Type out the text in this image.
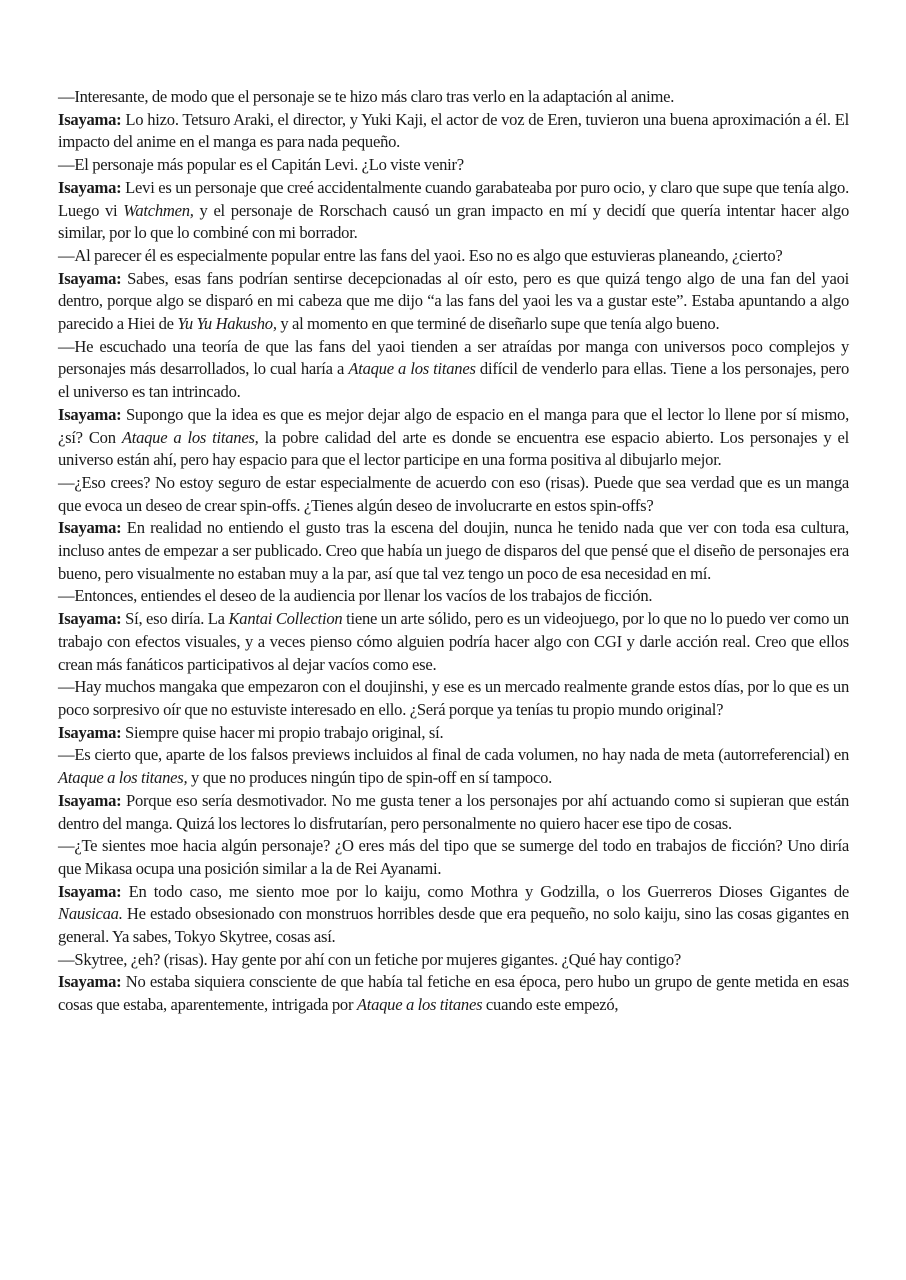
—Interesante, de modo que el personaje se te hizo más claro tras verlo en la adaptación al anime.

Isayama: Lo hizo. Tetsuro Araki, el director, y Yuki Kaji, el actor de voz de Eren, tuvieron una buena aproximación a él. El impacto del anime en el manga es para nada pequeño.

—El personaje más popular es el Capitán Levi. ¿Lo viste venir?

Isayama: Levi es un personaje que creé accidentalmente cuando garabateaba por puro ocio, y claro que supe que tenía algo. Luego vi Watchmen, y el personaje de Rorschach causó un gran impacto en mí y decidí que quería intentar hacer algo similar, por lo que lo combiné con mi borrador.

—Al parecer él es especialmente popular entre las fans del yaoi. Eso no es algo que estuvieras planeando, ¿cierto?

Isayama: Sabes, esas fans podrían sentirse decepcionadas al oír esto, pero es que quizá tengo algo de una fan del yaoi dentro, porque algo se disparó en mi cabeza que me dijo “a las fans del yaoi les va a gustar este”. Estaba apuntando a algo parecido a Hiei de Yu Yu Hakusho, y al momento en que terminé de diseñarlo supe que tenía algo bueno.

—He escuchado una teoría de que las fans del yaoi tienden a ser atraídas por manga con universos poco complejos y personajes más desarrollados, lo cual haría a Ataque a los titanes difícil de venderlo para ellas. Tiene a los personajes, pero el universo es tan intrincado.

Isayama: Supongo que la idea es que es mejor dejar algo de espacio en el manga para que el lector lo llene por sí mismo, ¿sí? Con Ataque a los titanes, la pobre calidad del arte es donde se encuentra ese espacio abierto. Los personajes y el universo están ahí, pero hay espacio para que el lector participe en una forma positiva al dibujarlo mejor.

—¿Eso crees? No estoy seguro de estar especialmente de acuerdo con eso (risas). Puede que sea verdad que es un manga que evoca un deseo de crear spin-offs. ¿Tienes algún deseo de involucrarte en estos spin-offs?

Isayama: En realidad no entiendo el gusto tras la escena del doujin, nunca he tenido nada que ver con toda esa cultura, incluso antes de empezar a ser publicado. Creo que había un juego de disparos del que pensé que el diseño de personajes era bueno, pero visualmente no estaban muy a la par, así que tal vez tengo un poco de esa necesidad en mí.

—Entonces, entiendes el deseo de la audiencia por llenar los vacíos de los trabajos de ficción.

Isayama: Sí, eso diría. La Kantai Collection tiene un arte sólido, pero es un videojuego, por lo que no lo puedo ver como un trabajo con efectos visuales, y a veces pienso cómo alguien podría hacer algo con CGI y darle acción real. Creo que ellos crean más fanáticos participativos al dejar vacíos como ese.

—Hay muchos mangaka que empezaron con el doujinshi, y ese es un mercado realmente grande estos días, por lo que es un poco sorpresivo oír que no estuviste interesado en ello. ¿Será porque ya tenías tu propio mundo original?

Isayama: Siempre quise hacer mi propio trabajo original, sí.

—Es cierto que, aparte de los falsos previews incluidos al final de cada volumen, no hay nada de meta (autorreferencial) en Ataque a los titanes, y que no produces ningún tipo de spin-off en sí tampoco.

Isayama: Porque eso sería desmotivador. No me gusta tener a los personajes por ahí actuando como si supieran que están dentro del manga. Quizá los lectores lo disfrutarían, pero personalmente no quiero hacer ese tipo de cosas.

—¿Te sientes moe hacia algún personaje? ¿O eres más del tipo que se sumerge del todo en trabajos de ficción? Uno diría que Mikasa ocupa una posición similar a la de Rei Ayanami.

Isayama: En todo caso, me siento moe por lo kaiju, como Mothra y Godzilla, o los Guerreros Dioses Gigantes de Nausicaa. He estado obsesionado con monstruos horribles desde que era pequeño, no solo kaiju, sino las cosas gigantes en general. Ya sabes, Tokyo Skytree, cosas así.

—Skytree, ¿eh? (risas). Hay gente por ahí con un fetiche por mujeres gigantes. ¿Qué hay contigo?

Isayama: No estaba siquiera consciente de que había tal fetiche en esa época, pero hubo un grupo de gente metida en esas cosas que estaba, aparentemente, intrigada por Ataque a los titanes cuando este empezó,
